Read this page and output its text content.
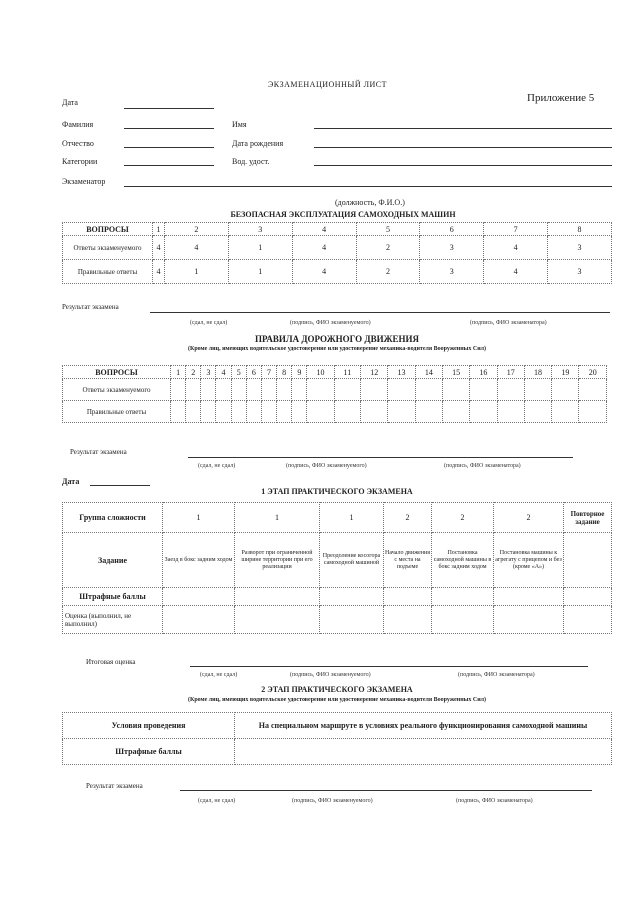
Приложение 5
ЭКЗАМЕНАЦИОННЫЙ ЛИСТ
Дата
Фамилия	Имя
Отчество	Дата рождения
Категории	Вод. удост.
Экзаменатор
(должность, Ф.И.О.)
БЕЗОПАСНАЯ ЭКСПЛУАТАЦИЯ САМОХОДНЫХ МАШИН
ВОПРОСЫ	1	2	3	4	5	6	7	8
Ответы экзаменуемого	4	4	1	4	2	3	4	3
Правильные ответы	4	1	1	4	2	3	4	3
Результат экзамена
(сдал, не сдал)	(подпись, ФИО экзаменуемого)	(подпись, ФИО экзаменатора)
ПРАВИЛА ДОРОЖНОГО ДВИЖЕНИЯ
(Кроме лиц, имеющих водительское удостоверение или удостоверение механика-водителя Вооруженных Сил)
ВОПРОСЫ	1	2	3	4	5	6	7	8	9	10	11	12	13	14	15	16	17	18	19	20
Ответы экзаменуемого																				
Правильные ответы																				
Результат экзамена
(сдал, не сдал)	(подпись, ФИО экзаменуемого)	(подпись, ФИО экзаменатора)
Дата
1 ЭТАП ПРАКТИЧЕСКОГО ЭКЗАМЕНА
Группа сложности	1	1	1	2	2	2	Повторное задание
Задание	Заезд в бокс задним ходом	Разворот при ограниченной ширине территории при его реализации	Преодоление косогора самоходной машиной	Начало движения с места на подъеме	Постановка самоходной машины в бокс задним ходом	Постановка машины к агрегату с прицепом и без (кроме «А»)	
Штрафные баллы							
Оценка (выполнил, не выполнил)							
Итоговая оценка
(сдал, не сдал)	(подпись, ФИО экзаменуемого)	(подпись, ФИО экзаменатора)
2 ЭТАП ПРАКТИЧЕСКОГО ЭКЗАМЕНА
(Кроме лиц, имеющих водительское удостоверение или удостоверение механика-водителя Вооруженных Сил)
Условия проведения	На специальном маршруте в условиях реального функционирования самоходной машины
Штрафные баллы	
Результат экзамена
(сдал, не сдал)	(подпись, ФИО экзаменуемого)	(подпись, ФИО экзаменатора)
